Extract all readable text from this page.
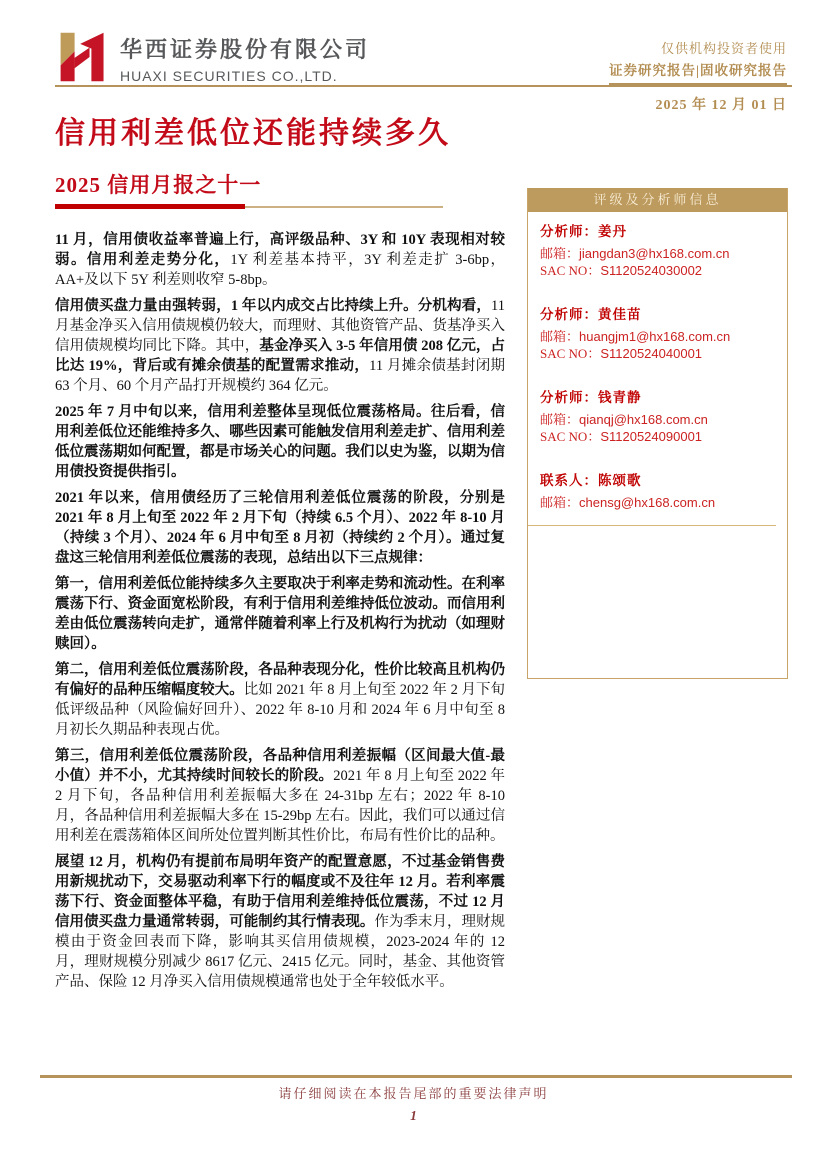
华西证券股份有限公司
HUAXI SECURITIES CO.,LTD.
仅供机构投资者使用
证券研究报告|固收研究报告
2025 年 12 月 01 日
信用利差低位还能持续多久
2025 信用月报之十一

11 月，信用债收益率普遍上行，高评级品种、3Y 和 10Y 表现相对较弱。信用利差走势分化，1Y 利差基本持平，3Y 利差走扩 3-6bp，AA+及以下 5Y 利差则收窄 5-8bp。

信用债买盘力量由强转弱，1 年以内成交占比持续上升。分机构看，11 月基金净买入信用债规模仍较大，而理财、其他资管产品、货基净买入信用债规模均同比下降。其中，基金净买入 3-5 年信用债 208 亿元，占比达 19%，背后或有摊余债基的配置需求推动，11 月摊余债基封闭期 63 个月、60 个月产品打开规模约 364 亿元。

2025 年 7 月中旬以来，信用利差整体呈现低位震荡格局。往后看，信用利差低位还能维持多久、哪些因素可能触发信用利差走扩、信用利差低位震荡期如何配置，都是市场关心的问题。我们以史为鉴，以期为信用债投资提供指引。

2021 年以来，信用债经历了三轮信用利差低位震荡的阶段，分别是 2021 年 8 月上旬至 2022 年 2 月下旬（持续 6.5 个月）、2022 年 8-10 月（持续 3 个月）、2024 年 6 月中旬至 8 月初（持续约 2 个月）。通过复盘这三轮信用利差低位震荡的表现，总结出以下三点规律：

第一，信用利差低位能持续多久主要取决于利率走势和流动性。在利率震荡下行、资金面宽松阶段，有利于信用利差维持低位波动。而信用利差由低位震荡转向走扩，通常伴随着利率上行及机构行为扰动（如理财赎回）。

第二，信用利差低位震荡阶段，各品种表现分化，性价比较高且机构仍有偏好的品种压缩幅度较大。比如 2021 年 8 月上旬至 2022 年 2 月下旬低评级品种（风险偏好回升）、2022 年 8-10 月和 2024 年 6 月中旬至 8 月初长久期品种表现占优。

第三，信用利差低位震荡阶段，各品种信用利差振幅（区间最大值-最小值）并不小，尤其持续时间较长的阶段。2021 年 8 月上旬至 2022 年 2 月下旬，各品种信用利差振幅大多在 24-31bp 左右；2022 年 8-10 月，各品种信用利差振幅大多在 15-29bp 左右。因此，我们可以通过信用利差在震荡箱体区间所处位置判断其性价比，布局有性价比的品种。

展望 12 月，机构仍有提前布局明年资产的配置意愿，不过基金销售费用新规扰动下，交易驱动利率下行的幅度或不及往年 12 月。若利率震荡下行、资金面整体平稳，有助于信用利差维持低位震荡，不过 12 月信用债买盘力量通常转弱，可能制约其行情表现。作为季末月，理财规模由于资金回表而下降，影响其买信用债规模，2023-2024 年的 12 月，理财规模分别减少 8617 亿元、2415 亿元。同时，基金、其他资管产品、保险 12 月净买入信用债规模通常也处于全年较低水平。

评级及分析师信息
分析师：姜丹
邮箱：jiangdan3@hx168.com.cn
SAC NO：S1120524030002
分析师：黄佳苗
邮箱：huangjm1@hx168.com.cn
SAC NO：S1120524040001
分析师：钱青静
邮箱：qianqj@hx168.com.cn
SAC NO：S1120524090001
联系人：陈颂歌
邮箱：chensg@hx168.com.cn
请仔细阅读在本报告尾部的重要法律声明
1
